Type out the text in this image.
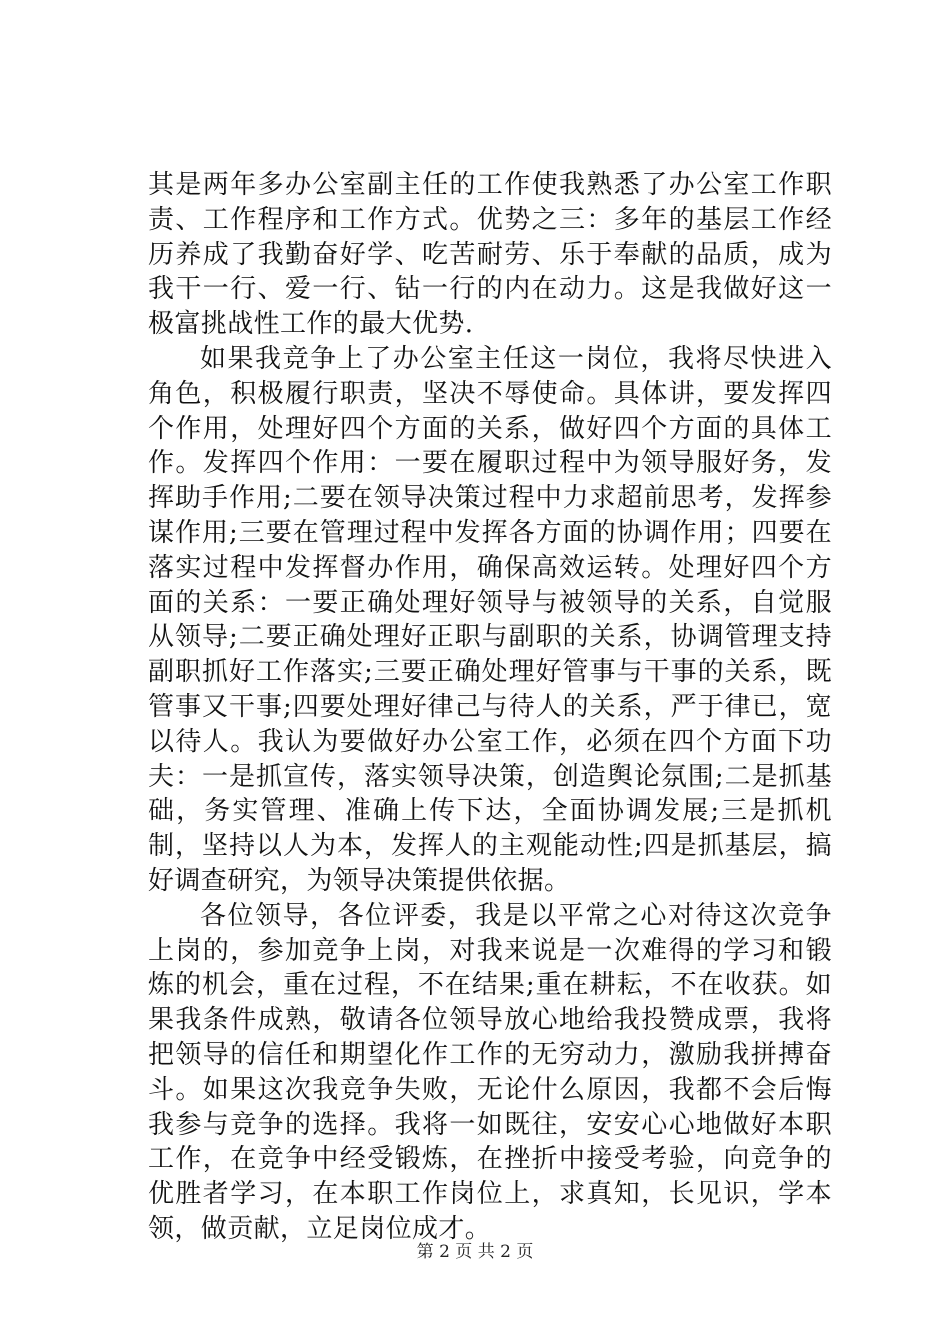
其是两年多办公室副主任的工作使我熟悉了办公室工作职责、工作程序和工作方式。优势之三：多年的基层工作经历养成了我勤奋好学、吃苦耐劳、乐于奉献的品质，成为我干一行、爱一行、钻一行的内在动力。这是我做好这一极富挑战性工作的最大优势.

如果我竞争上了办公室主任这一岗位，我将尽快进入角色，积极履行职责，坚决不辱使命。具体讲，要发挥四个作用，处理好四个方面的关系，做好四个方面的具体工作。发挥四个作用：一要在履职过程中为领导服好务，发挥助手作用;二要在领导决策过程中力求超前思考，发挥参谋作用;三要在管理过程中发挥各方面的协调作用；四要在落实过程中发挥督办作用，确保高效运转。处理好四个方面的关系：一要正确处理好领导与被领导的关系，自觉服从领导;二要正确处理好正职与副职的关系，协调管理支持副职抓好工作落实;三要正确处理好管事与干事的关系，既管事又干事;四要处理好律己与待人的关系，严于律已，宽以待人。我认为要做好办公室工作，必须在四个方面下功夫：一是抓宣传，落实领导决策，创造舆论氛围;二是抓基础，务实管理、准确上传下达，全面协调发展;三是抓机制，坚持以人为本，发挥人的主观能动性;四是抓基层，搞好调查研究，为领导决策提供依据。

各位领导，各位评委，我是以平常之心对待这次竞争上岗的，参加竞争上岗，对我来说是一次难得的学习和锻炼的机会，重在过程，不在结果;重在耕耘，不在收获。如果我条件成熟，敬请各位领导放心地给我投赞成票，我将把领导的信任和期望化作工作的无穷动力，激励我拼搏奋斗。如果这次我竞争失败，无论什么原因，我都不会后悔我参与竞争的选择。我将一如既往，安安心心地做好本职工作，在竞争中经受锻炼，在挫折中接受考验，向竞争的优胜者学习，在本职工作岗位上，求真知，长见识，学本领，做贡献，立足岗位成才。

第 2 页 共 2 页
